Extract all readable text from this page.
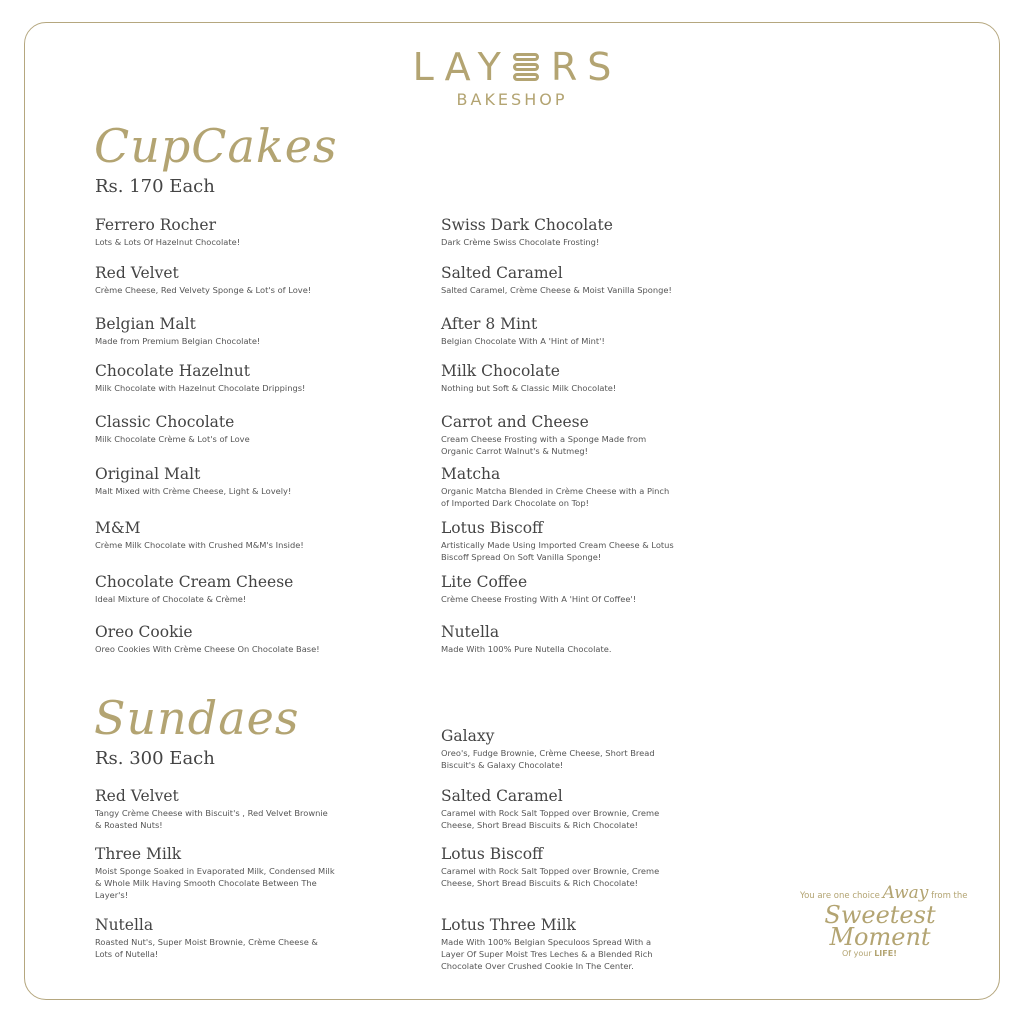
LAY RS
BAKESHOP
CupCakes
Rs. 170 Each
Ferrero Rocher
Lots & Lots Of Hazelnut Chocolate!
Red Velvet
Crème Cheese, Red Velvety Sponge & Lot's of Love!
Belgian Malt
Made from Premium Belgian Chocolate!
Chocolate Hazelnut
Milk Chocolate with Hazelnut Chocolate Drippings!
Classic Chocolate
Milk Chocolate Crème & Lot's of Love
Original Malt
Malt Mixed with Crème Cheese, Light & Lovely!
M&M
Crème Milk Chocolate with Crushed M&M's Inside!
Chocolate Cream Cheese
Ideal Mixture of Chocolate & Crème!
Oreo Cookie
Oreo Cookies With Crème Cheese On Chocolate Base!
Swiss Dark Chocolate
Dark Crème Swiss Chocolate Frosting!
Salted Caramel
Salted Caramel, Crème Cheese & Moist Vanilla Sponge!
After 8 Mint
Belgian Chocolate With A 'Hint of Mint'!
Milk Chocolate
Nothing but Soft & Classic Milk Chocolate!
Carrot and Cheese
Cream Cheese Frosting with a Sponge Made from Organic Carrot Walnut's & Nutmeg!
Matcha
Organic Matcha Blended in Crème Cheese with a Pinch of Imported Dark Chocolate on Top!
Lotus Biscoff
Artistically Made Using Imported Cream Cheese & Lotus Biscoff Spread On Soft Vanilla Sponge!
Lite Coffee
Crème Cheese Frosting With A 'Hint Of Coffee'!
Nutella
Made With 100% Pure Nutella Chocolate.
Sundaes
Rs. 300 Each
Red Velvet
Tangy Crème Cheese with Biscuit's , Red Velvet Brownie & Roasted Nuts!
Three Milk
Moist Sponge Soaked in Evaporated Milk, Condensed Milk & Whole Milk Having Smooth Chocolate Between The Layer's!
Nutella
Roasted Nut's, Super Moist Brownie, Crème Cheese & Lots of Nutella!
Galaxy
Oreo's, Fudge Brownie, Crème Cheese, Short Bread Biscuit's & Galaxy Chocolate!
Salted Caramel
Caramel with Rock Salt Topped over Brownie, Creme Cheese, Short Bread Biscuits & Rich Chocolate!
Lotus Biscoff
Caramel with Rock Salt Topped over Brownie, Creme Cheese, Short Bread Biscuits & Rich Chocolate!
Lotus Three Milk
Made With 100% Belgian Speculoos Spread With a Layer Of Super Moist Tres Leches & a Blended Rich Chocolate Over Crushed Cookie In The Center.
You are one choice Away from the
Sweetest
Moment
Of your LIFE!
